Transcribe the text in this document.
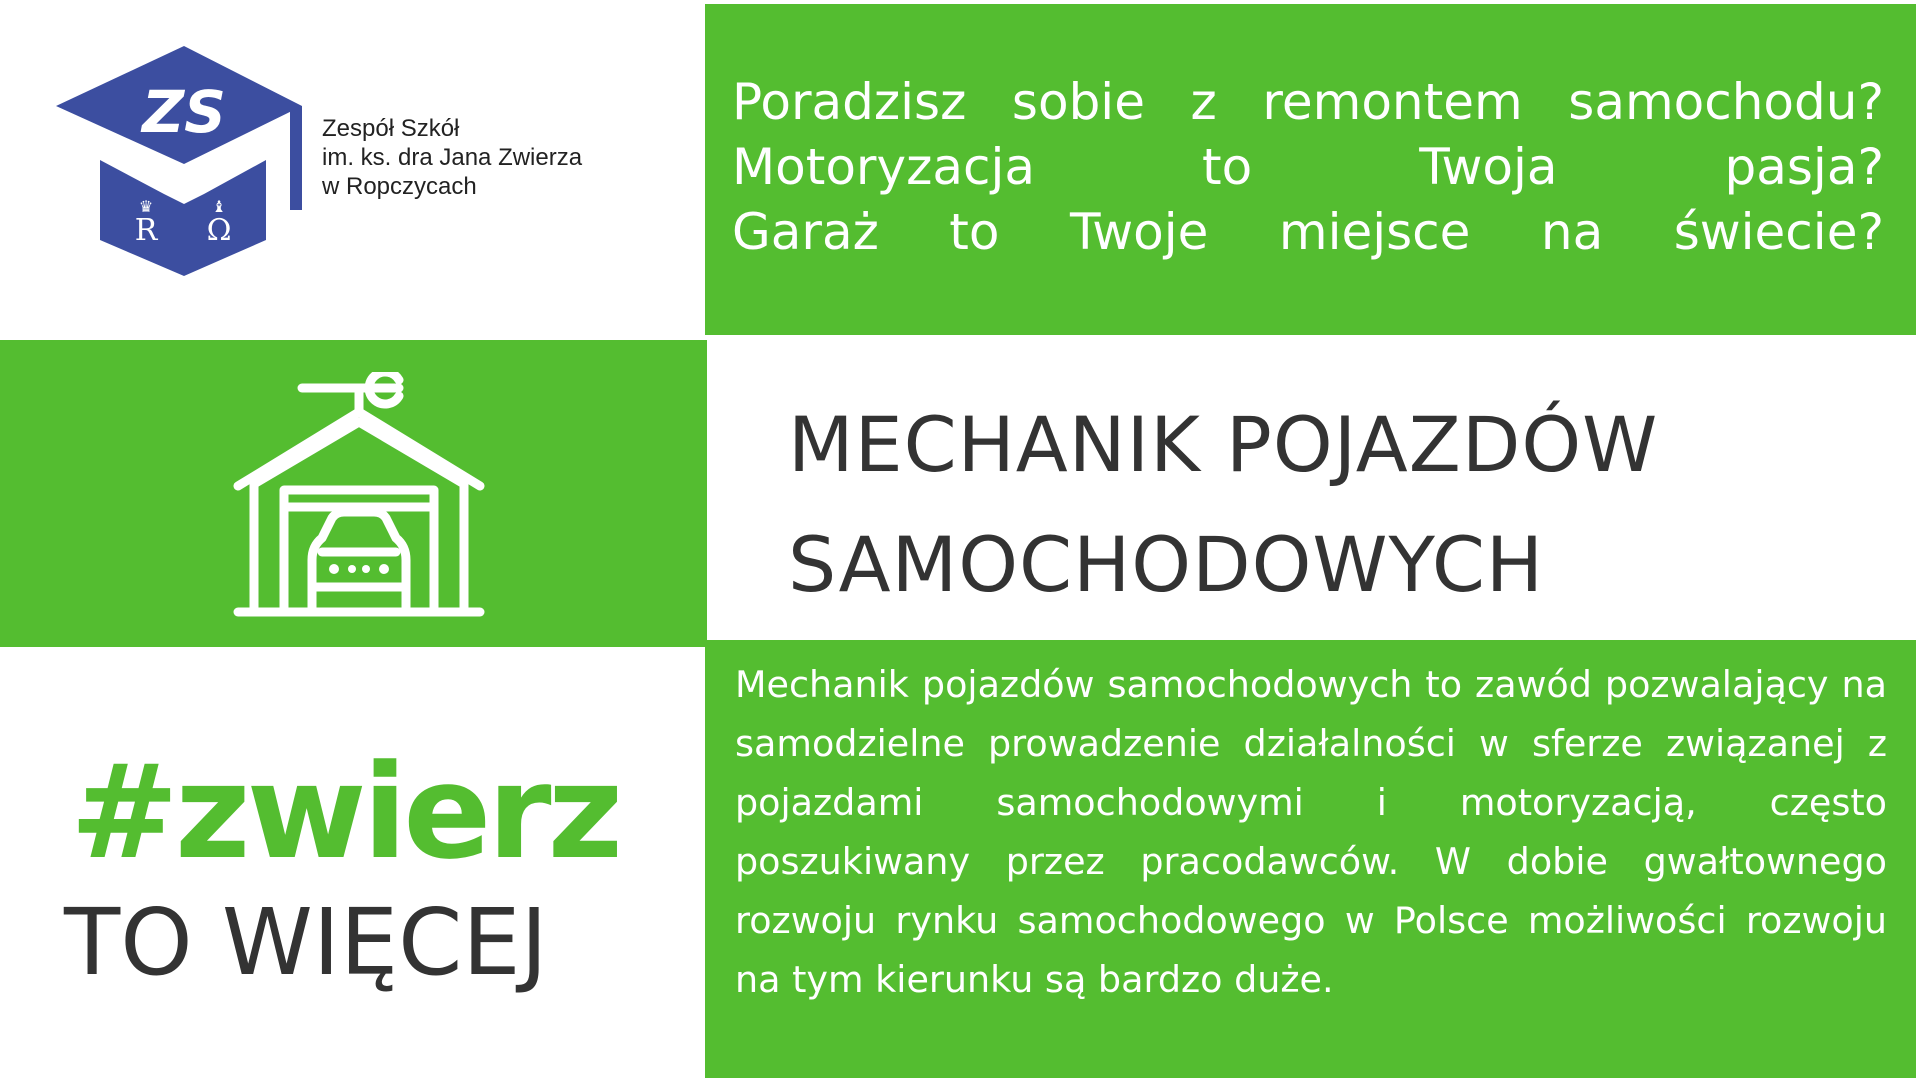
ZS
R
♛
Ω
♝
Zespół Szkół
im. ks. dra Jana Zwierza
w Ropczycach
Poradzisz sobie z remontem samochodu?
Motoryzacja to Twoja pasja?
Garaż to Twoje miejsce na świecie?
MECHANIK POJAZDÓW
SAMOCHODOWYCH
#zwierz
TO WIĘCEJ
Mechanik pojazdów samochodowych to zawód pozwalający na samodzielne prowadzenie działalności w sferze związanej z pojazdami samochodowymi i motoryzacją, często poszukiwany przez pracodawców. W dobie gwałtownego rozwoju rynku samochodowego w Polsce możliwości rozwoju na tym kierunku są bardzo duże.
